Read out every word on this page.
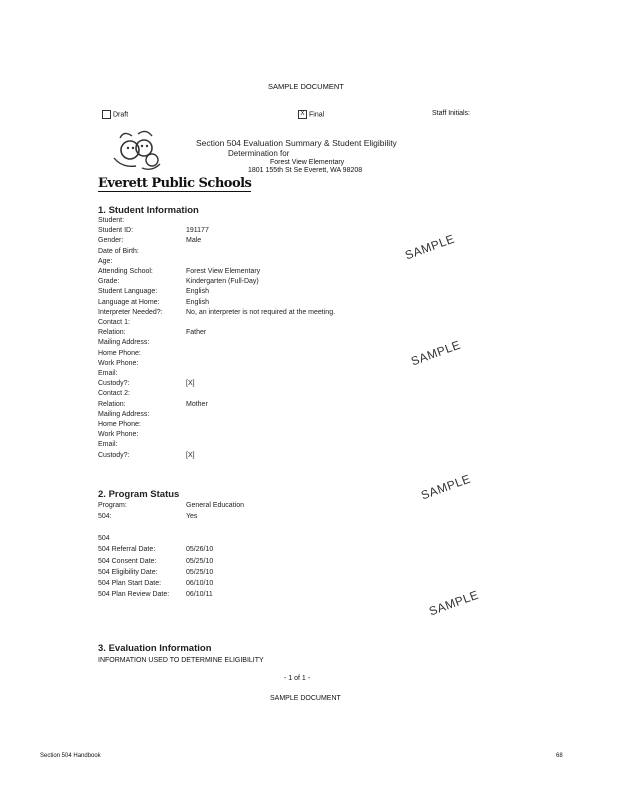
SAMPLE DOCUMENT
Draft	X Final	Staff Initials:
Everett Public Schools
Section 504 Evaluation Summary & Student Eligibility
Determination for
Forest View Elementary
1801 155th St Se Everett, WA 98208
1. Student Information
Student:
Student ID:	191177
Gender:	Male
Date of Birth:
Age:
Attending School:	Forest View Elementary
Grade:	Kindergarten (Full-Day)
Student Language:	English
Language at Home:	English
Interpreter Needed?:	No, an interpreter is not required at the meeting.
Contact 1:
Relation:	Father
Mailing Address:
Home Phone:
Work Phone:
Email:
Custody?:	[X]
Contact 2:
Relation:	Mother
Mailing Address:
Home Phone:
Work Phone:
Email:
Custody?:	[X]
2. Program Status
Program:	General Education
504:	Yes
504
504 Referral Date:	05/26/10
504 Consent Date:	05/25/10
504 Eligibility Date:	05/25/10
504 Plan Start Date:	06/10/10
504 Plan Review Date: 06/10/11
3. Evaluation Information
INFORMATION USED TO DETERMINE ELIGIBILITY
SAMPLE
SAMPLE
SAMPLE
SAMPLE
- 1 of 1 -
SAMPLE DOCUMENT
Section 504 Handbook	68
